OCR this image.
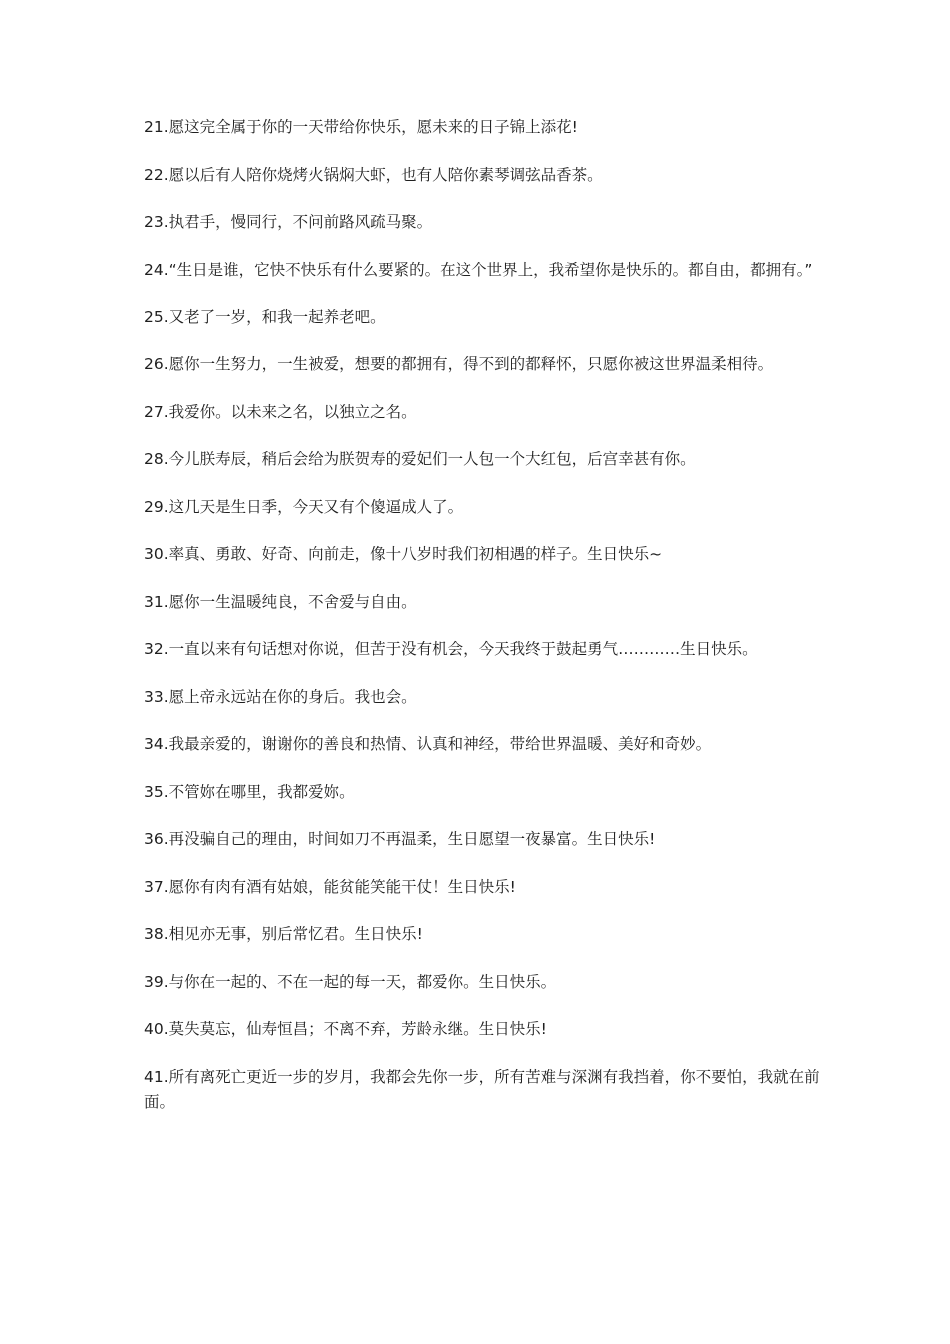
21.愿这完全属于你的一天带给你快乐，愿未来的日子锦上添花!
22.愿以后有人陪你烧烤火锅焖大虾，也有人陪你素琴调弦品香茶。
23.执君手，慢同行，不问前路风疏马聚。
24.“生日是谁，它快不快乐有什么要紧的。在这个世界上，我希望你是快乐的。都自由，都拥有。”
25.又老了一岁，和我一起养老吧。
26.愿你一生努力，一生被爱，想要的都拥有，得不到的都释怀，只愿你被这世界温柔相待。
27.我爱你。以未来之名，以独立之名。
28.今儿朕寿辰，稍后会给为朕贺寿的爱妃们一人包一个大红包，后宫幸甚有你。
29.这几天是生日季，今天又有个傻逼成人了。
30.率真、勇敢、好奇、向前走，像十八岁时我们初相遇的样子。生日快乐~
31.愿你一生温暖纯良，不舍爱与自由。
32.一直以来有句话想对你说，但苦于没有机会，今天我终于鼓起勇气…………生日快乐。
33.愿上帝永远站在你的身后。我也会。
34.我最亲爱的，谢谢你的善良和热情、认真和神经，带给世界温暖、美好和奇妙。
35.不管妳在哪里，我都爱妳。
36.再没骗自己的理由，时间如刀不再温柔，生日愿望一夜暴富。生日快乐!
37.愿你有肉有酒有姑娘，能贫能笑能干仗！生日快乐!
38.相见亦无事，别后常忆君。生日快乐!
39.与你在一起的、不在一起的每一天，都爱你。生日快乐。
40.莫失莫忘，仙寿恒昌；不离不弃，芳龄永继。生日快乐!
41.所有离死亡更近一步的岁月，我都会先你一步，所有苦难与深渊有我挡着，你不要怕，我就在前面。
